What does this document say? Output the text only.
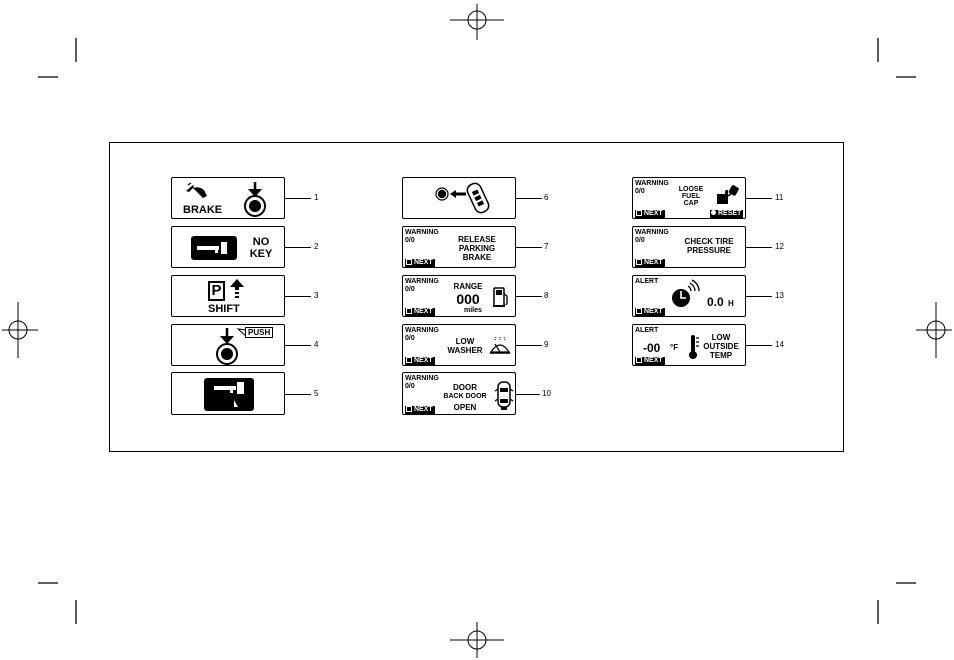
BRAKE
1
NO
KEY
2
P
SHIFT
3
PUSH
4
F	E
5
6
WARNING
0/0	RELEASE
PARKING
BRAKE
NEXT
7
WARNING
0/0	RANGE
000
miles
NEXT
8
WARNING
0/0	LOW
WASHER
NEXT
9
WARNING
0/0	DOOR
BACK DOOR
OPEN
NEXT
10
WARNING
0/0	LOOSE
FUEL
CAP
NEXT	RESET
11
WARNING
0/0	CHECK TIRE
PRESSURE
NEXT
12
ALERT
0.0 H
NEXT
13
ALERT
-00 °F
LOW
OUTSIDE
TEMP
NEXT
14
